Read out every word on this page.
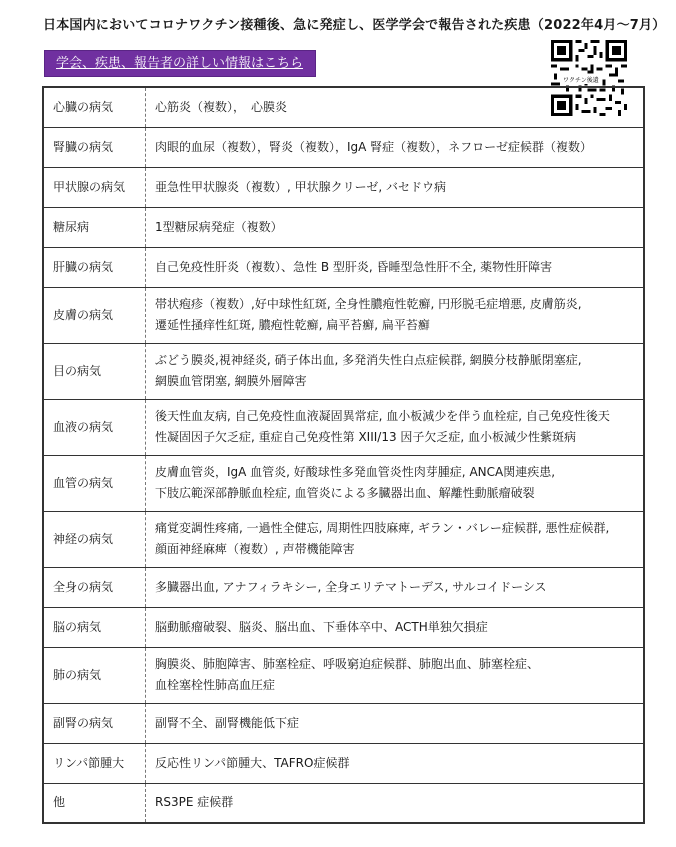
日本国内においてコロナワクチン接種後、急に発症し、医学学会で報告された疾患（2022年4月～7月）
学会、疾患、報告者の詳しい情報はこちら
ワクチン後遺
心臓の病気	心筋炎（複数），　心膜炎

腎臓の病気	肉眼的血尿（複数），腎炎（複数），IgA 腎症（複数），ネフローゼ症候群（複数）

甲状腺の病気	亜急性甲状腺炎（複数）, 甲状腺クリーゼ, バセドウ病

糖尿病	1型糖尿病発症（複数）

肝臓の病気	自己免疫性肝炎（複数）、急性 B 型肝炎, 昏睡型急性肝不全, 薬物性肝障害

皮膚の病気	帯状疱疹（複数）,好中球性紅斑, 全身性膿疱性乾癬, 円形脱毛症増悪, 皮膚筋炎,
遷延性掻痒性紅斑, 膿疱性乾癬, 扁平苔癬, 扁平苔癬

目の病気	ぶどう膜炎,視神経炎, 硝子体出血, 多発消失性白点症候群, 網膜分枝静脈閉塞症,
網膜血管閉塞, 網膜外層障害

血液の病気	後天性血友病, 自己免疫性血液凝固異常症, 血小板減少を伴う血栓症, 自己免疫性後天
性凝固因子欠乏症, 重症自己免疫性第 XIII/13 因子欠乏症, 血小板減少性紫斑病

血管の病気	皮膚血管炎，IgA 血管炎, 好酸球性多発血管炎性肉芽腫症, ANCA関連疾患,
下肢広範深部静脈血栓症, 血管炎による多臓器出血、解離性動脈瘤破裂

神経の病気	痛覚変調性疼痛, 一過性全健忘, 周期性四肢麻痺, ギラン・バレー症候群, 悪性症候群,
顔面神経麻痺（複数）, 声帯機能障害

全身の病気	多臓器出血, アナフィラキシー, 全身エリテマトーデス, サルコイドーシス

脳の病気	脳動脈瘤破裂、脳炎、脳出血、下垂体卒中、ACTH単独欠損症

肺の病気	胸膜炎、肺胞障害、肺塞栓症、呼吸窮迫症候群、肺胞出血、肺塞栓症、
血栓塞栓性肺高血圧症

副腎の病気	副腎不全、副腎機能低下症

リンパ節腫大	反応性リンパ節腫大、TAFRO症候群

他	RS3PE 症候群
